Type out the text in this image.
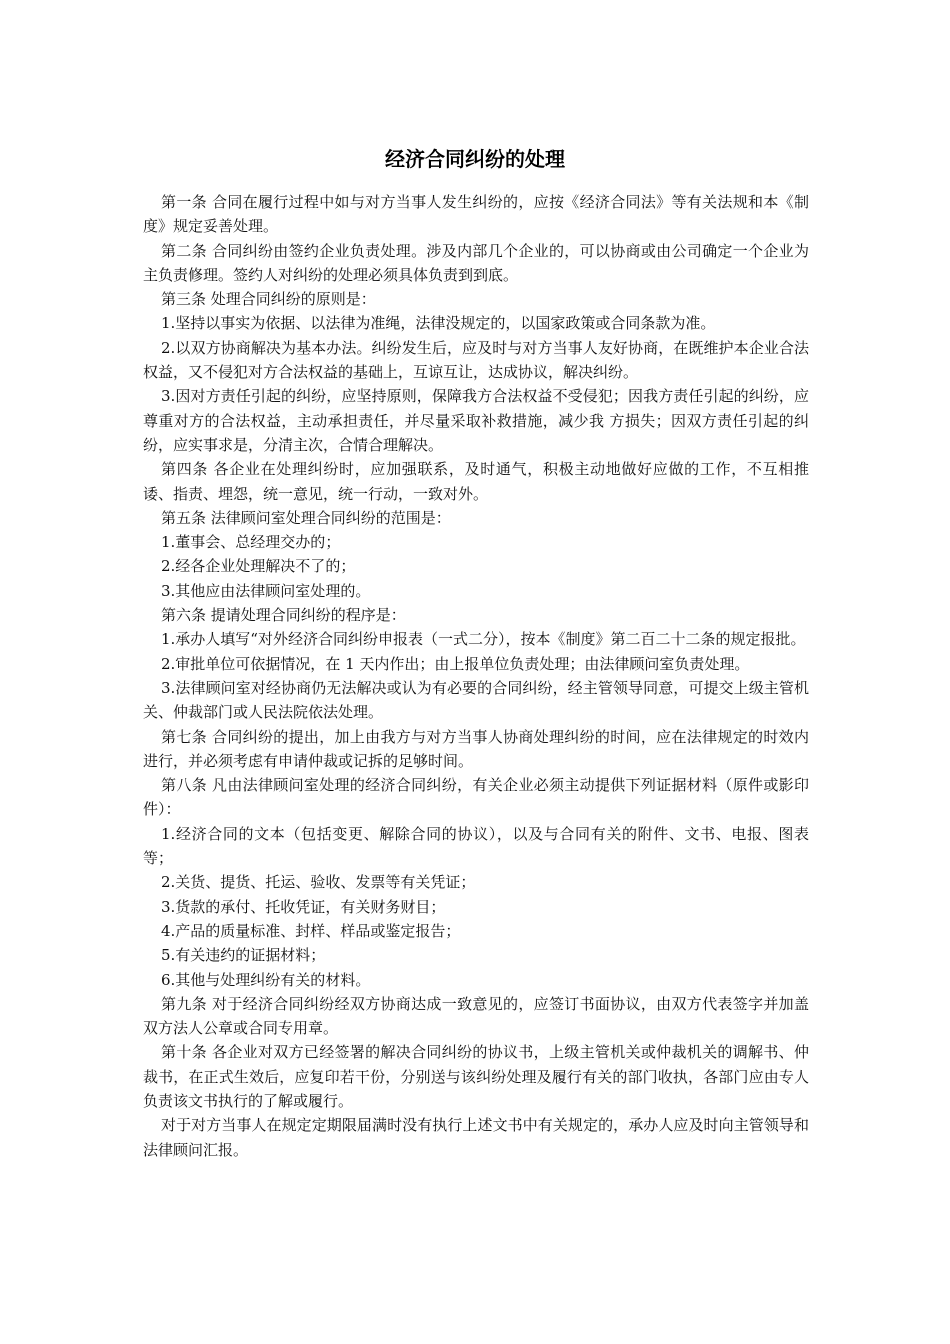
经济合同纠纷的处理

第一条 合同在履行过程中如与对方当事人发生纠纷的，应按《经济合同法》等有关法规和本《制度》规定妥善处理。

第二条 合同纠纷由签约企业负责处理。涉及内部几个企业的，可以协商或由公司确定一个企业为主负责修理。签约人对纠纷的处理必须具体负责到到底。

第三条 处理合同纠纷的原则是：

1.坚持以事实为依据、以法律为准绳，法律没规定的，以国家政策或合同条款为准。

2.以双方协商解决为基本办法。纠纷发生后，应及时与对方当事人友好协商，在既维护本企业合法权益，又不侵犯对方合法权益的基础上，互谅互让，达成协议，解决纠纷。

3.因对方责任引起的纠纷，应坚持原则，保障我方合法权益不受侵犯；因我方责任引起的纠纷，应尊重对方的合法权益，主动承担责任，并尽量采取补救措施，减少我 方损失；因双方责任引起的纠纷，应实事求是，分清主次，合情合理解决。

第四条 各企业在处理纠纷时，应加强联系，及时通气，积极主动地做好应做的工作，不互相推诿、指责、埋怨，统一意见，统一行动，一致对外。

第五条 法律顾问室处理合同纠纷的范围是：

1.董事会、总经理交办的；

2.经各企业处理解决不了的；

3.其他应由法律顾问室处理的。

第六条 提请处理合同纠纷的程序是：

1.承办人填写“对外经济合同纠纷申报表（一式二分），按本《制度》第二百二十二条的规定报批。

2.审批单位可依据情况，在 1 天内作出；由上报单位负责处理；由法律顾问室负责处理。

3.法律顾问室对经协商仍无法解决或认为有必要的合同纠纷，经主管领导同意，可提交上级主管机关、仲裁部门或人民法院依法处理。

第七条 合同纠纷的提出，加上由我方与对方当事人协商处理纠纷的时间，应在法律规定的时效内进行，并必须考虑有申请仲裁或记拆的足够时间。

第八条 凡由法律顾问室处理的经济合同纠纷，有关企业必须主动提供下列证据材料（原件或影印件）：

1.经济合同的文本（包括变更、解除合同的协议），以及与合同有关的附件、文书、电报、图表等；

2.关货、提货、托运、验收、发票等有关凭证；

3.货款的承付、托收凭证，有关财务财目；

4.产品的质量标准、封样、样品或鉴定报告；

5.有关违约的证据材料；

6.其他与处理纠纷有关的材料。

第九条 对于经济合同纠纷经双方协商达成一致意见的，应签订书面协议，由双方代表签字并加盖双方法人公章或合同专用章。

第十条 各企业对双方已经签署的解决合同纠纷的协议书，上级主管机关或仲裁机关的调解书、仲裁书，在正式生效后，应复印若干份，分别送与该纠纷处理及履行有关的部门收执，各部门应由专人负责该文书执行的了解或履行。

对于对方当事人在规定定期限届满时没有执行上述文书中有关规定的，承办人应及时向主管领导和法律顾问汇报。
